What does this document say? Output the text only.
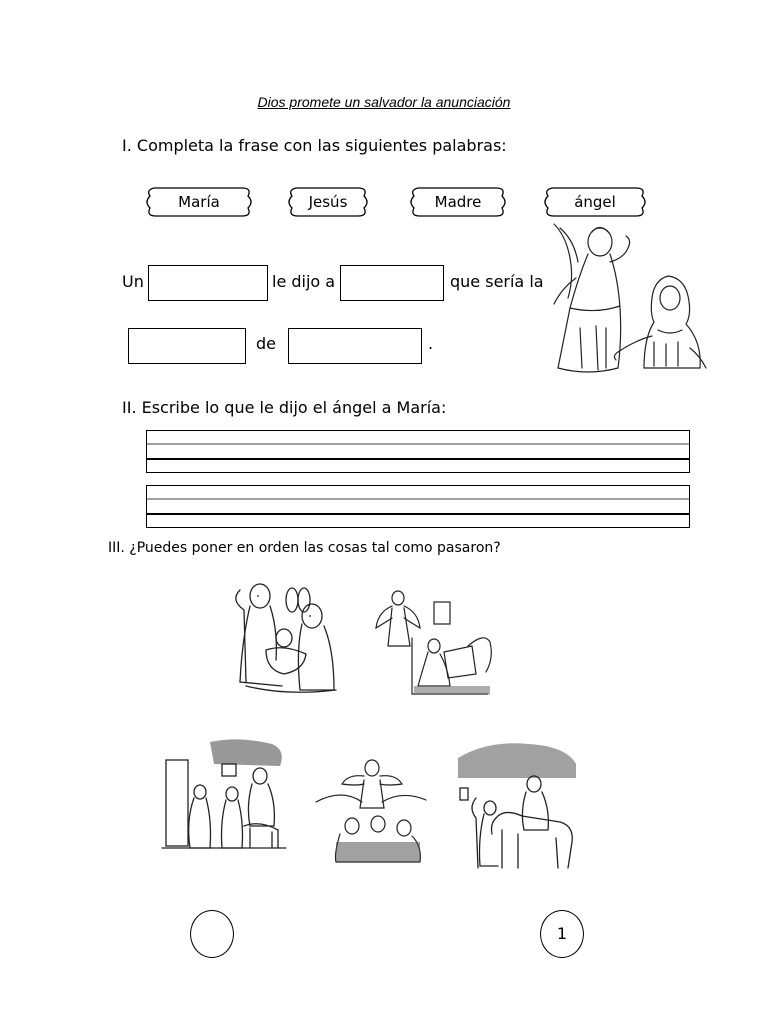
Dios promete un salvador la anunciación
I. Completa la frase con las siguientes palabras:
María	Jesús	Madre	ángel
Un	le dijo a	que sería la
de	.
II. Escribe lo que le dijo el ángel a María:
III. ¿Puedes poner en orden las cosas tal como pasaron?
1
